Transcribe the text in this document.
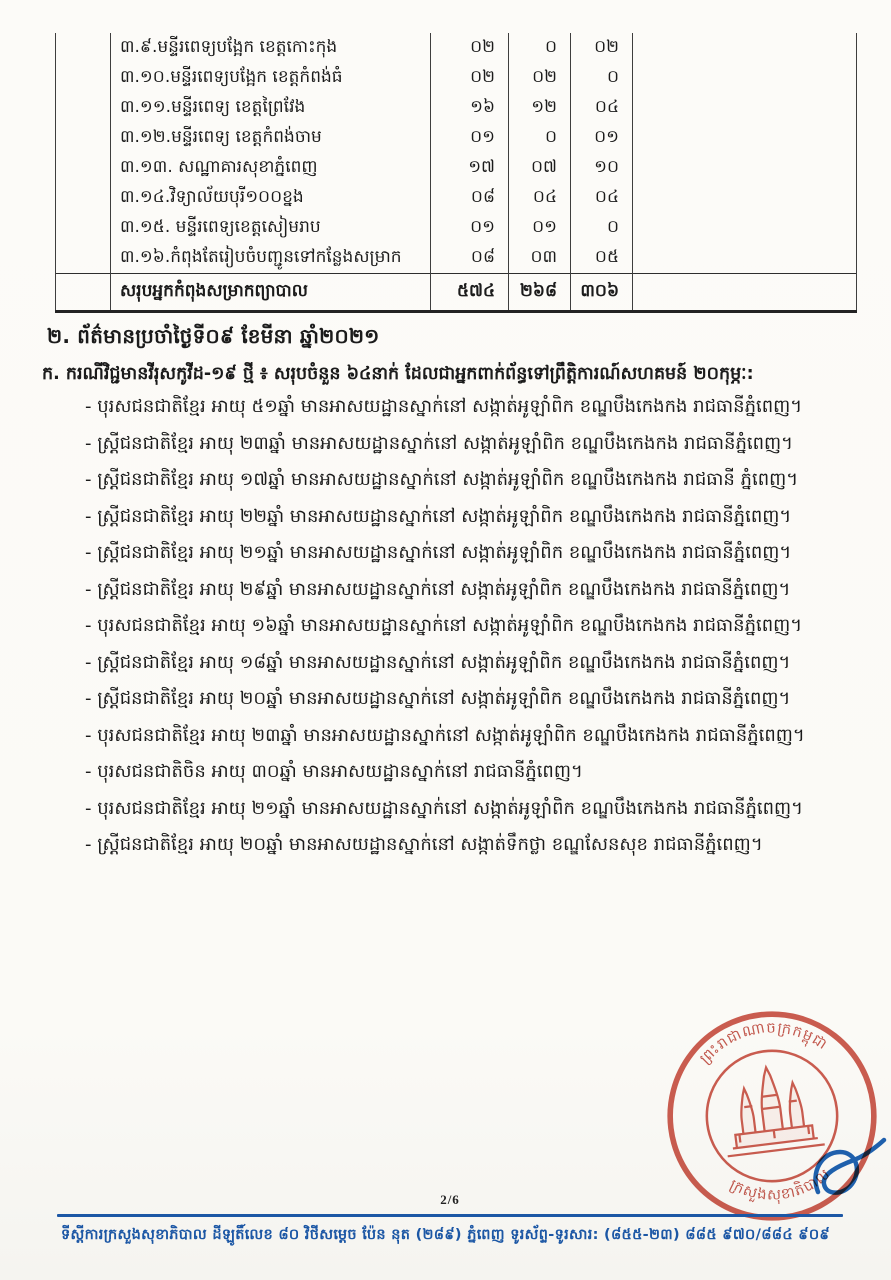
	៣.៩.មន្ទីរពេទ្យបង្អែក ខេត្តកោះកុង	០២	០	០២	
	៣.១០.មន្ទីរពេទ្យបង្អែក ខេត្តកំពង់ធំ	០២	០២	០	
	៣.១១.មន្ទីរពេទ្យ ខេត្តព្រៃវែង	១៦	១២	០៤	
	៣.១២.មន្ទីរពេទ្យ ខេត្តកំពង់ចាម	០១	០	០១	
	៣.១៣. សណ្ឋាគារសុខាភ្នំពេញ	១៧	០៧	១០	
	៣.១៤.វិទ្យាល័យបុរី១០០ខ្នង	០៨	០៤	០៤	
	៣.១៥. មន្ទីរពេទ្យខេត្តសៀមរាប	០១	០១	០	
	៣.១៦.កំពុងតែរៀបចំបញ្ជូនទៅកន្លែងសម្រាក	០៨	០៣	០៥	
	សរុបអ្នកកំពុងសម្រាកព្យាបាល	៥៧៤	២៦៨	៣០៦	
២. ព័ត៌មានប្រចាំថ្ងៃទី០៩ ខែមីនា ឆ្នាំ២០២១
ក. ករណីវិជ្ជមានវីរុសកូវីដ-១៩ ថ្មី ៖ សរុបចំនួន ៦៤នាក់ ដែលជាអ្នកពាក់ព័ន្ធទៅព្រឹត្តិការណ៍សហគមន៍ ២០កុម្ភៈ:
- បុរសជនជាតិខ្មែរ អាយុ ៥១ឆ្នាំ មានអាសយដ្ឋានស្នាក់នៅ សង្កាត់អូឡាំពិក ខណ្ឌបឹងកេងកង រាជធានីភ្នំពេញ។
- ស្ត្រីជនជាតិខ្មែរ អាយុ ២៣ឆ្នាំ មានអាសយដ្ឋានស្នាក់នៅ សង្កាត់អូឡាំពិក ខណ្ឌបឹងកេងកង រាជធានីភ្នំពេញ។
- ស្ត្រីជនជាតិខ្មែរ អាយុ ១៧ឆ្នាំ មានអាសយដ្ឋានស្នាក់នៅ សង្កាត់អូឡាំពិក ខណ្ឌបឹងកេងកង រាជធានី ភ្នំពេញ។
- ស្ត្រីជនជាតិខ្មែរ អាយុ ២២ឆ្នាំ មានអាសយដ្ឋានស្នាក់នៅ សង្កាត់អូឡាំពិក ខណ្ឌបឹងកេងកង រាជធានីភ្នំពេញ។
- ស្ត្រីជនជាតិខ្មែរ អាយុ ២១ឆ្នាំ មានអាសយដ្ឋានស្នាក់នៅ សង្កាត់អូឡាំពិក ខណ្ឌបឹងកេងកង រាជធានីភ្នំពេញ។
- ស្ត្រីជនជាតិខ្មែរ អាយុ ២៩ឆ្នាំ មានអាសយដ្ឋានស្នាក់នៅ សង្កាត់អូឡាំពិក ខណ្ឌបឹងកេងកង រាជធានីភ្នំពេញ។
- បុរសជនជាតិខ្មែរ អាយុ ១៦ឆ្នាំ មានអាសយដ្ឋានស្នាក់នៅ សង្កាត់អូឡាំពិក ខណ្ឌបឹងកេងកង រាជធានីភ្នំពេញ។
- ស្ត្រីជនជាតិខ្មែរ អាយុ ១៨ឆ្នាំ មានអាសយដ្ឋានស្នាក់នៅ សង្កាត់អូឡាំពិក ខណ្ឌបឹងកេងកង រាជធានីភ្នំពេញ។
- ស្ត្រីជនជាតិខ្មែរ អាយុ ២០ឆ្នាំ មានអាសយដ្ឋានស្នាក់នៅ សង្កាត់អូឡាំពិក ខណ្ឌបឹងកេងកង រាជធានីភ្នំពេញ។
- បុរសជនជាតិខ្មែរ អាយុ ២៣ឆ្នាំ មានអាសយដ្ឋានស្នាក់នៅ សង្កាត់អូឡាំពិក ខណ្ឌបឹងកេងកង រាជធានីភ្នំពេញ។
- បុរសជនជាតិចិន អាយុ ៣០ឆ្នាំ មានអាសយដ្ឋានស្នាក់នៅ រាជធានីភ្នំពេញ។
- បុរសជនជាតិខ្មែរ អាយុ ២១ឆ្នាំ មានអាសយដ្ឋានស្នាក់នៅ សង្កាត់អូឡាំពិក ខណ្ឌបឹងកេងកង រាជធានីភ្នំពេញ។
- ស្ត្រីជនជាតិខ្មែរ អាយុ ២០ឆ្នាំ មានអាសយដ្ឋានស្នាក់នៅ សង្កាត់ទឹកថ្លា ខណ្ឌសែនសុខ រាជធានីភ្នំពេញ។
ព្រះរាជាណាចក្រកម្ពុជា
ក្រសួងសុខាភិបាល
2/6
ទីស្តីការក្រសួងសុខាភិបាល ដីឡូតិ៍លេខ ៨០ វិថីសម្តេច ប៉ែន នុត (២៨៩) ភ្នំពេញ ទូរស័ព្ទ-ទូរសារ: (៨៥៥-២៣) ៨៨៥ ៩៧០/៨៨៤ ៩០៩
